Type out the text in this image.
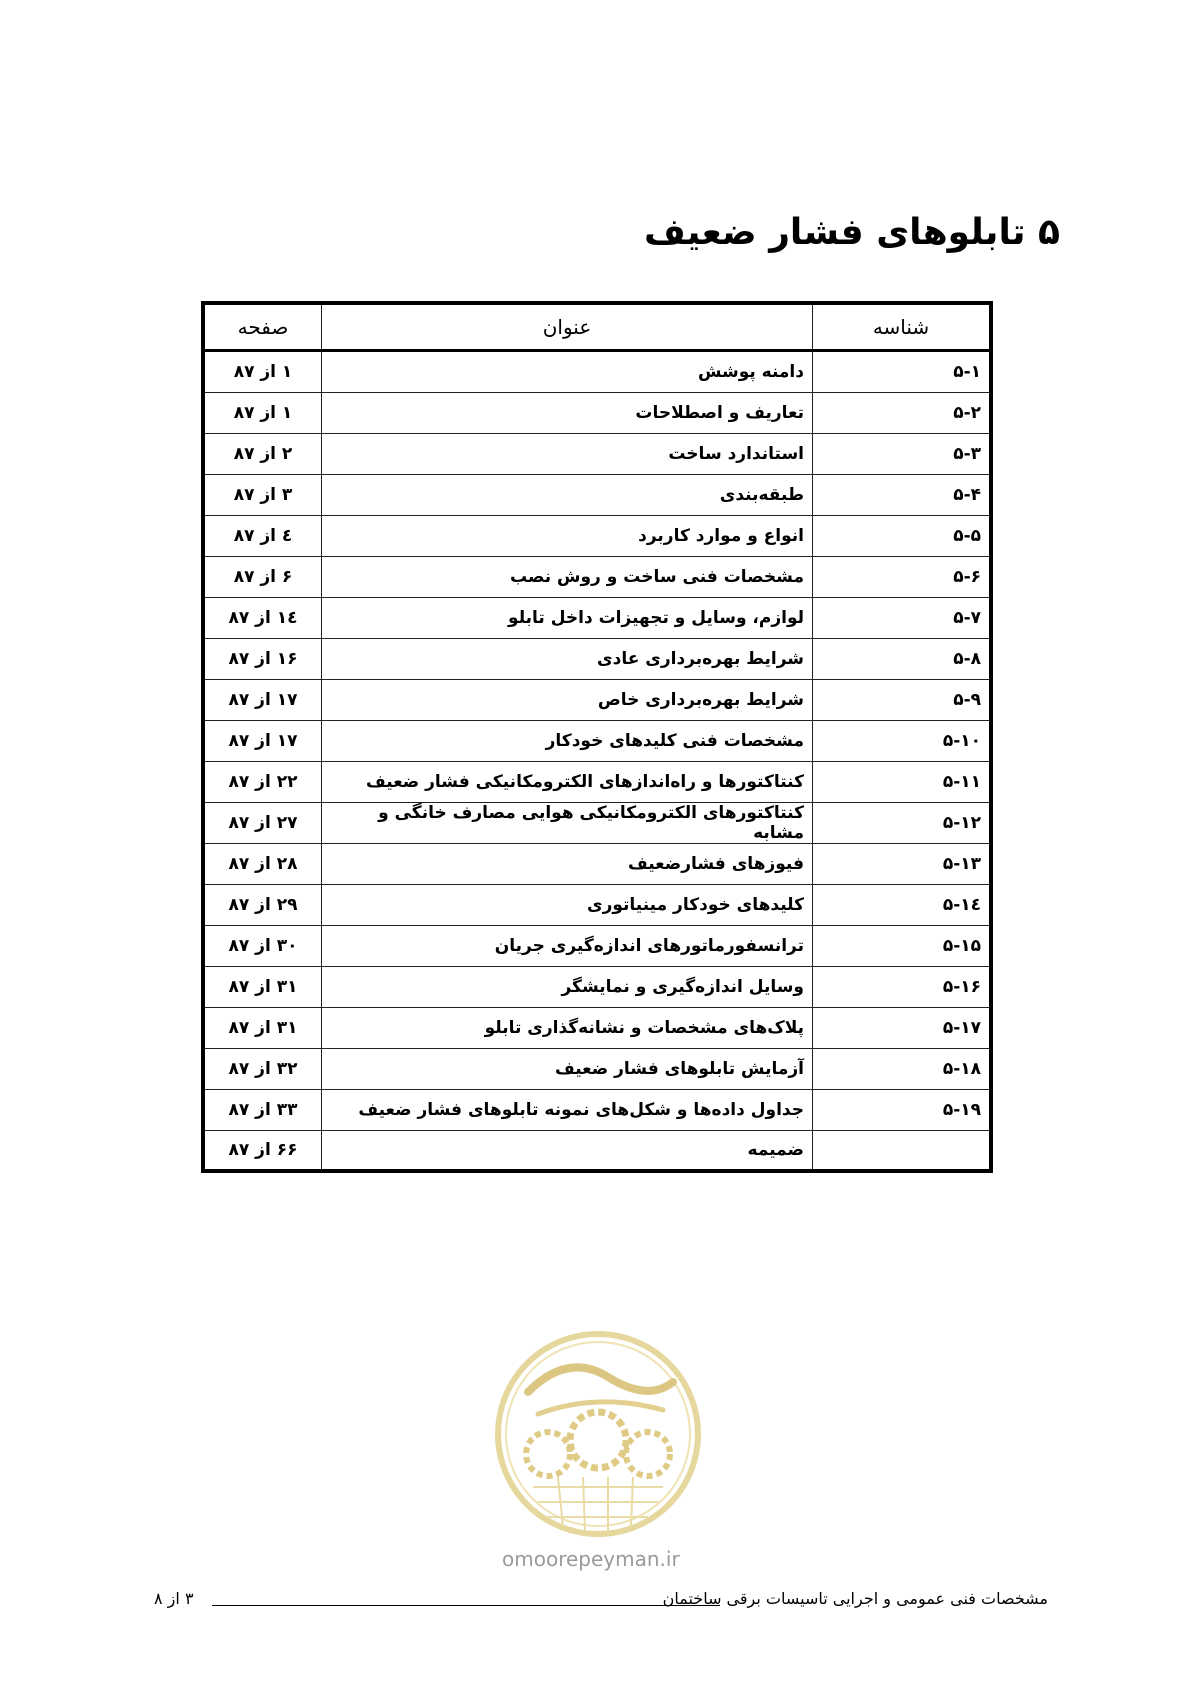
۵ تابلوهای فشار ضعیف
شناسه	عنوان	صفحه
۵-۱	دامنه پوشش	۱ از ۸۷
۵-۲	تعاریف و اصطلاحات	۱ از ۸۷
۵-۳	استاندارد ساخت	۲ از ۸۷
۵-۴	طبقه‌بندی	۳ از ۸۷
۵-۵	انواع و موارد کاربرد	٤ از ۸۷
۵-۶	مشخصات فنی ساخت و روش نصب	۶ از ۸۷
۵-۷	لوازم، وسایل و تجهیزات داخل تابلو	۱٤ از ۸۷
۵-۸	شرایط بهره‌برداری عادی	۱۶ از ۸۷
۵-۹	شرایط بهره‌برداری خاص	۱۷ از ۸۷
۵-۱۰	مشخصات فنی کلیدهای خودکار	۱۷ از ۸۷
۵-۱۱	کنتاکتورها و راه‌اندازهای الکترومکانیکی فشار ضعیف	۲۲ از ۸۷
۵-۱۲	کنتاکتورهای الکترومکانیکی هوایی مصارف خانگی و مشابه	۲۷ از ۸۷
۵-۱۳	فیوزهای فشارضعیف	۲۸ از ۸۷
۵-۱٤	کلیدهای خودکار مینیاتوری	۲۹ از ۸۷
۵-۱۵	ترانسفورماتورهای اندازه‌گیری جریان	۳۰ از ۸۷
۵-۱۶	وسایل اندازه‌گیری و نمایشگر	۳۱ از ۸۷
۵-۱۷	پلاک‌های مشخصات و نشانه‌گذاری تابلو	۳۱ از ۸۷
۵-۱۸	آزمایش تابلوهای فشار ضعیف	۳۲ از ۸۷
۵-۱۹	جداول داده‌ها و شکل‌های نمونه تابلوهای فشار ضعیف	۳۳ از ۸۷
	ضمیمه	۶۶ از ۸۷
omoorepeyman.ir
۳ از ۸	مشخصات فنی عمومی و اجرایی تاسیسات برقی ساختمان
